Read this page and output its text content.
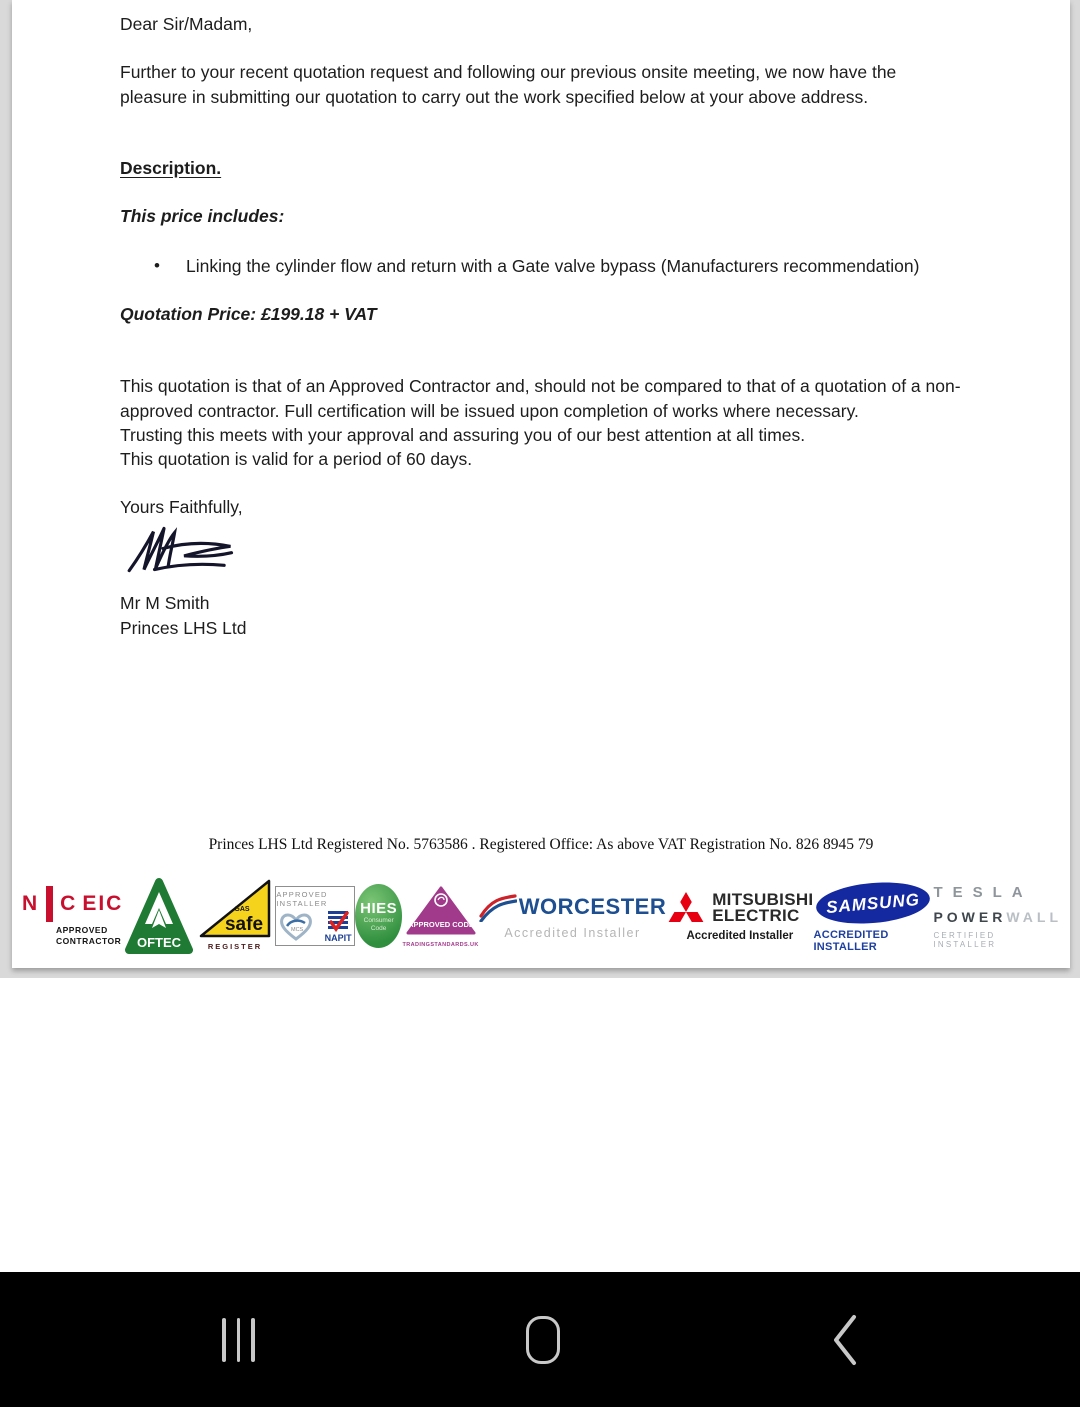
Dear Sir/Madam,
Further to your recent quotation request and following our previous onsite meeting, we now have the pleasure in submitting our quotation to carry out the work specified below at your above address.
Description.
This price includes:
•	Linking the cylinder flow and return with a Gate valve bypass (Manufacturers recommendation)
Quotation Price: £199.18 + VAT
This quotation is that of an Approved Contractor and, should not be compared to that of a quotation of a non-approved contractor. Full certification will be issued upon completion of works where necessary.
Trusting this meets with your approval and assuring you of our best attention at all times.
This quotation is valid for a period of 60 days.
Yours Faithfully,
Mr M Smith
Princes LHS Ltd
Princes LHS Ltd Registered No. 5763586 . Registered Office: As above VAT Registration No. 826 8945 79
N C EIC
APPROVED
CONTRACTOR OFTEC
GAS
safe
REGISTER
APPROVED INSTALLER
MCS
NAPIT
HIES
Consumer
Code	APPROVED CODE
TRADINGSTANDARDS.UK
WORCESTER
Accredited Installer
MITSUBISHI
ELECTRIC
Accredited Installer
SAMSUNG
ACCREDITED INSTALLER
TESLA
POWERWALL
CERTIFIED INSTALLER
